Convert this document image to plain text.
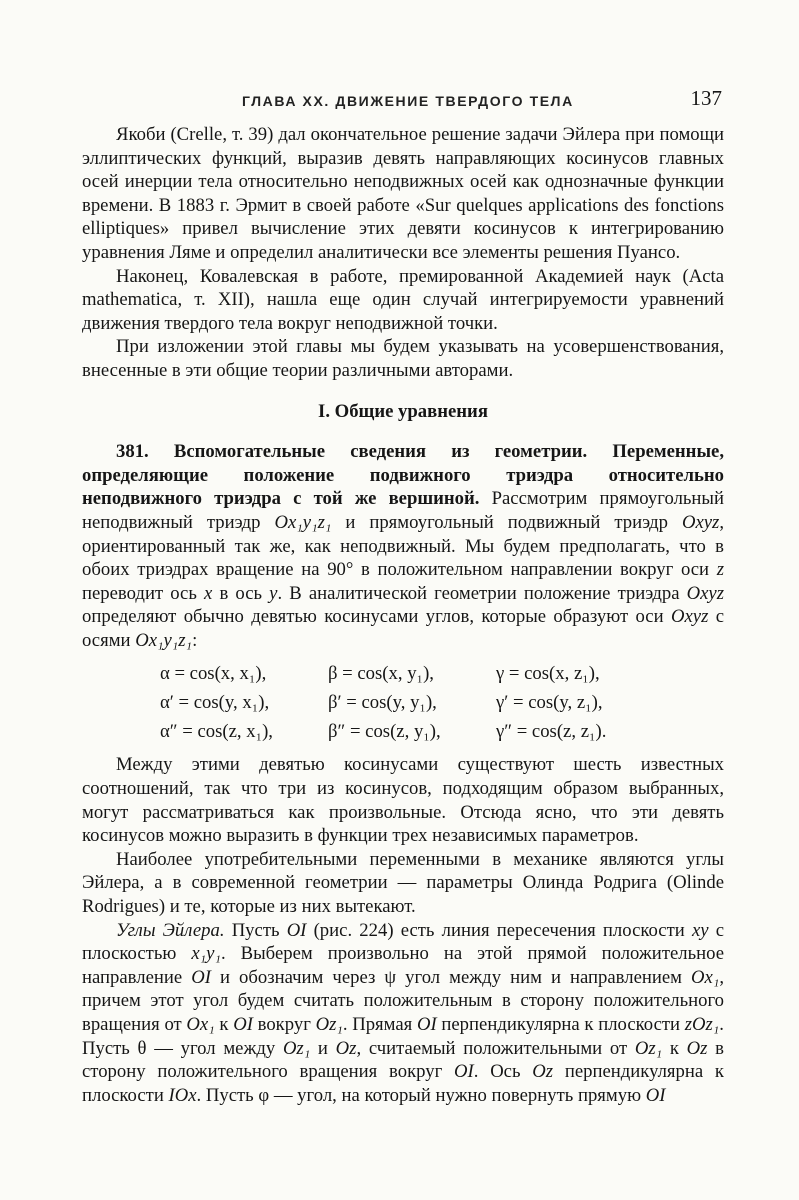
ГЛАВА XX. ДВИЖЕНИЕ ТВЕРДОГО ТЕЛА	137

Якоби (Crelle, т. 39) дал окончательное решение задачи Эйлера при помощи эллиптических функций, выразив девять направляющих косинусов главных осей инерции тела относительно неподвижных осей как однозначные функции времени. В 1883 г. Эрмит в своей работе «Sur quelques applications des fonctions elliptiques» привел вычисление этих девяти косинусов к интегрированию уравнения Ляме и определил аналитически все элементы решения Пуансо.

Наконец, Ковалевская в работе, премированной Академией наук (Acta mathematica, т. XII), нашла еще один случай интегрируемости уравнений движения твердого тела вокруг неподвижной точки.

При изложении этой главы мы будем указывать на усовершенствования, внесенные в эти общие теории различными авторами.

I. Общие уравнения

381. Вспомогательные сведения из геометрии. Переменные, определяющие положение подвижного триэдра относительно неподвижного триэдра с той же вершиной. Рассмотрим прямоугольный неподвижный триэдр Ox₁y₁z₁ и прямоугольный подвижный триэдр Oxyz, ориентированный так же, как неподвижный. Мы будем предполагать, что в обоих триэдрах вращение на 90° в положительном направлении вокруг оси z переводит ось x в ось y. В аналитической геометрии положение триэдра Oxyz определяют обычно девятью косинусами углов, которые образуют оси Oxyz с осями Ox₁y₁z₁:

α = cos(x, x₁),	β = cos(x, y₁),	γ = cos(x, z₁),
α′ = cos(y, x₁),	β′ = cos(y, y₁),	γ′ = cos(y, z₁),
α″ = cos(z, x₁),	β″ = cos(z, y₁),	γ″ = cos(z, z₁).

Между этими девятью косинусами существуют шесть известных соотношений, так что три из косинусов, подходящим образом выбранных, могут рассматриваться как произвольные. Отсюда ясно, что эти девять косинусов можно выразить в функции трех независимых параметров.

Наиболее употребительными переменными в механике являются углы Эйлера, а в современной геометрии — параметры Олинда Родрига (Olinde Rodrigues) и те, которые из них вытекают.

Углы Эйлера. Пусть OI (рис. 224) есть линия пересечения плоскости xy с плоскостью x₁y₁. Выберем произвольно на этой прямой положительное направление OI и обозначим через ψ угол между ним и направлением Ox₁, причем этот угол будем считать положительным в сторону положительного вращения от Ox₁ к OI вокруг Oz₁. Прямая OI перпендикулярна к плоскости zOz₁. Пусть θ — угол между Oz₁ и Oz, считаемый положительными от Oz₁ к Oz в сторону положительного вращения вокруг OI. Ось Oz перпендикулярна к плоскости IOx. Пусть φ — угол, на который нужно повернуть прямую OI
